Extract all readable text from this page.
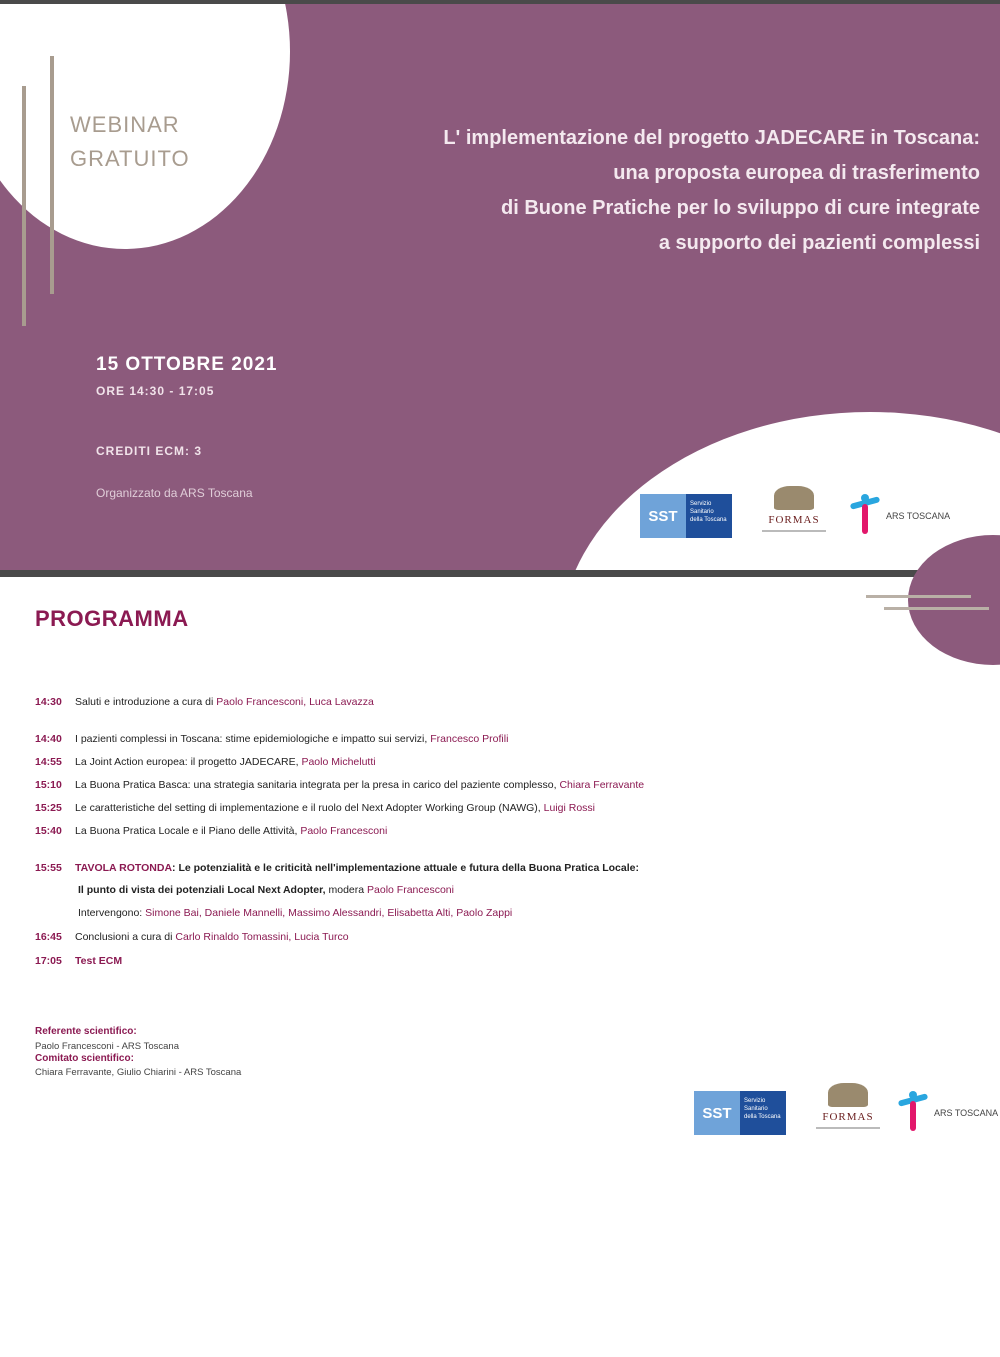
WEBINAR
GRATUITO
L' implementazione del progetto JADECARE in Toscana:
una proposta europea di trasferimento
di Buone Pratiche per lo sviluppo di cure integrate
a supporto dei pazienti complessi
15 OTTOBRE 2021
ORE 14:30 - 17:05
CREDITI ECM: 3
Organizzato da ARS Toscana
SST
Servizio Sanitario della Toscana	FORMAS	ARS TOSCANA
PROGRAMMA
14:30 Saluti e introduzione a cura di Paolo Francesconi, Luca Lavazza
14:40 I pazienti complessi in Toscana: stime epidemiologiche e impatto sui servizi, Francesco Profili
14:55 La Joint Action europea: il progetto JADECARE, Paolo Michelutti
15:10 La Buona Pratica Basca: una strategia sanitaria integrata per la presa in carico del paziente complesso, Chiara Ferravante
15:25 Le caratteristiche del setting di implementazione e il ruolo del Next Adopter Working Group (NAWG), Luigi Rossi
15:40 La Buona Pratica Locale e il Piano delle Attività, Paolo Francesconi
15:55 TAVOLA ROTONDA: Le potenzialità e le criticità nell'implementazione attuale e futura della Buona Pratica Locale:
Il punto di vista dei potenziali Local Next Adopter, modera Paolo Francesconi
Intervengono: Simone Bai, Daniele Mannelli, Massimo Alessandri, Elisabetta Alti, Paolo Zappi
16:45 Conclusioni a cura di Carlo Rinaldo Tomassini, Lucia Turco
17:05 Test ECM
Referente scientifico:
Paolo Francesconi - ARS Toscana
Comitato scientifico:
Chiara Ferravante, Giulio Chiarini - ARS Toscana
SST
Servizio Sanitario della Toscana	FORMAS	ARS TOSCANA
